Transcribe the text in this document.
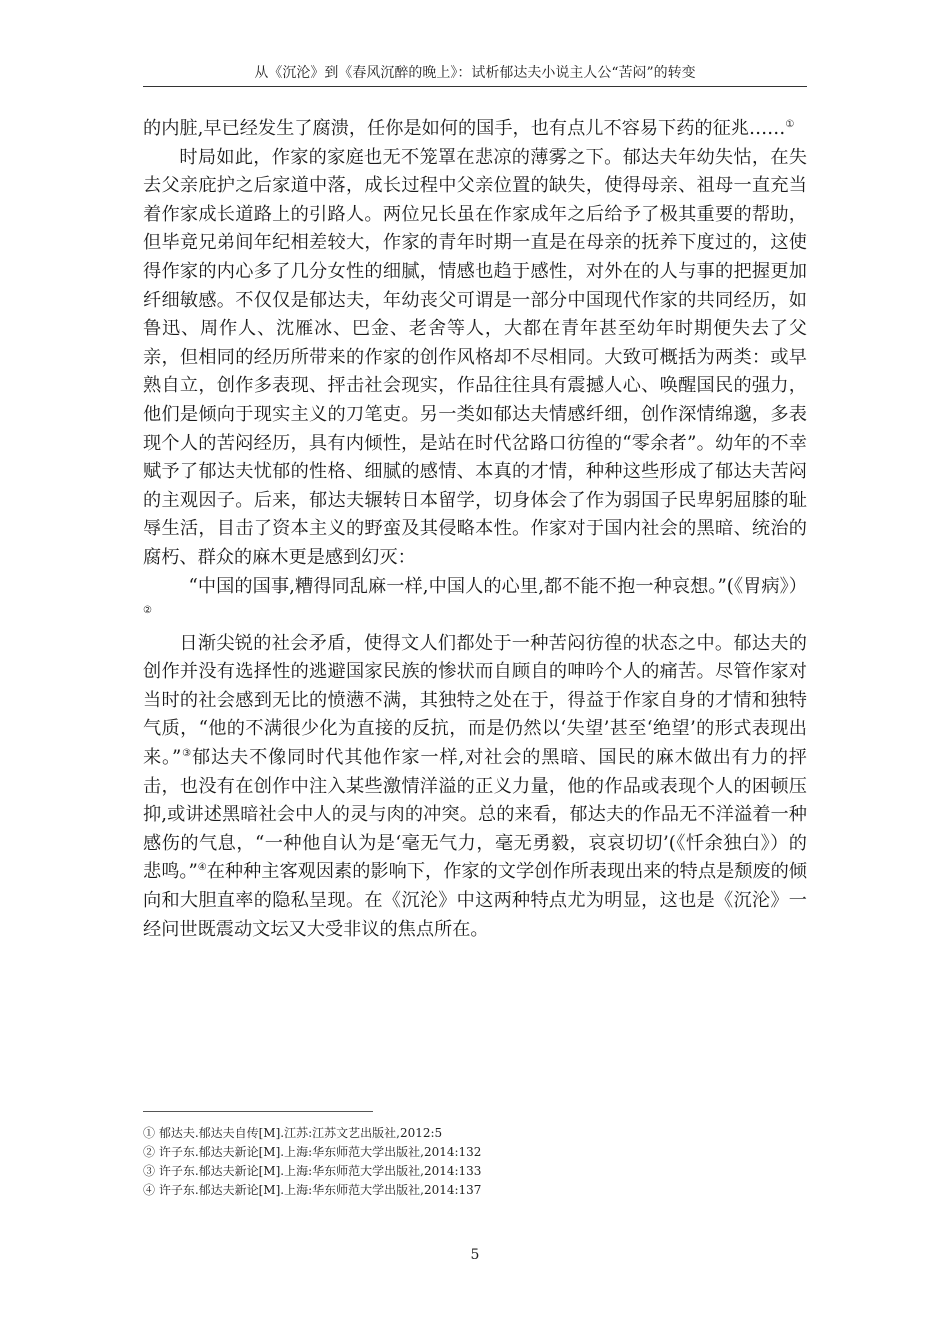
从《沉沦》到《春风沉醉的晚上》：试析郁达夫小说主人公“苦闷”的转变

的内脏,早已经发生了腐溃，任你是如何的国手，也有点儿不容易下药的征兆……①

时局如此，作家的家庭也无不笼罩在悲凉的薄雾之下。郁达夫年幼失怙，在失去父亲庇护之后家道中落，成长过程中父亲位置的缺失，使得母亲、祖母一直充当着作家成长道路上的引路人。两位兄长虽在作家成年之后给予了极其重要的帮助，但毕竟兄弟间年纪相差较大，作家的青年时期一直是在母亲的抚养下度过的，这使得作家的内心多了几分女性的细腻，情感也趋于感性，对外在的人与事的把握更加纤细敏感。不仅仅是郁达夫，年幼丧父可谓是一部分中国现代作家的共同经历，如鲁迅、周作人、沈雁冰、巴金、老舍等人，大都在青年甚至幼年时期便失去了父亲，但相同的经历所带来的作家的创作风格却不尽相同。大致可概括为两类：或早熟自立，创作多表现、抨击社会现实，作品往往具有震撼人心、唤醒国民的强力，他们是倾向于现实主义的刀笔吏。另一类如郁达夫情感纤细，创作深情绵邈，多表现个人的苦闷经历，具有内倾性，是站在时代岔路口彷徨的“零余者”。幼年的不幸赋予了郁达夫忧郁的性格、细腻的感情、本真的才情，种种这些形成了郁达夫苦闷的主观因子。后来，郁达夫辗转日本留学，切身体会了作为弱国子民卑躬屈膝的耻辱生活，目击了资本主义的野蛮及其侵略本性。作家对于国内社会的黑暗、统治的腐朽、群众的麻木更是感到幻灭：

“中国的国事,糟得同乱麻一样,中国人的心里,都不能不抱一种哀想。”(《胃病》）②

日渐尖锐的社会矛盾，使得文人们都处于一种苦闷彷徨的状态之中。郁达夫的创作并没有选择性的逃避国家民族的惨状而自顾自的呻吟个人的痛苦。尽管作家对当时的社会感到无比的愤懑不满，其独特之处在于，得益于作家自身的才情和独特气质，“他的不满很少化为直接的反抗，而是仍然以‘失望’甚至‘绝望’的形式表现出来。”③郁达夫不像同时代其他作家一样,对社会的黑暗、国民的麻木做出有力的抨击，也没有在创作中注入某些激情洋溢的正义力量，他的作品或表现个人的困顿压抑,或讲述黑暗社会中人的灵与肉的冲突。总的来看，郁达夫的作品无不洋溢着一种感伤的气息，“一种他自认为是‘毫无气力，毫无勇毅，哀哀切切’(《忏余独白》）的悲鸣。”④在种种主客观因素的影响下，作家的文学创作所表现出来的特点是颓废的倾向和大胆直率的隐私呈现。在《沉沦》中这两种特点尤为明显，这也是《沉沦》一经问世既震动文坛又大受非议的焦点所在。

① 郁达夫.郁达夫自传[M].江苏:江苏文艺出版社,2012:5
② 许子东.郁达夫新论[M].上海:华东师范大学出版社,2014:132
③ 许子东.郁达夫新论[M].上海:华东师范大学出版社,2014:133
④ 许子东.郁达夫新论[M].上海:华东师范大学出版社,2014:137
5
